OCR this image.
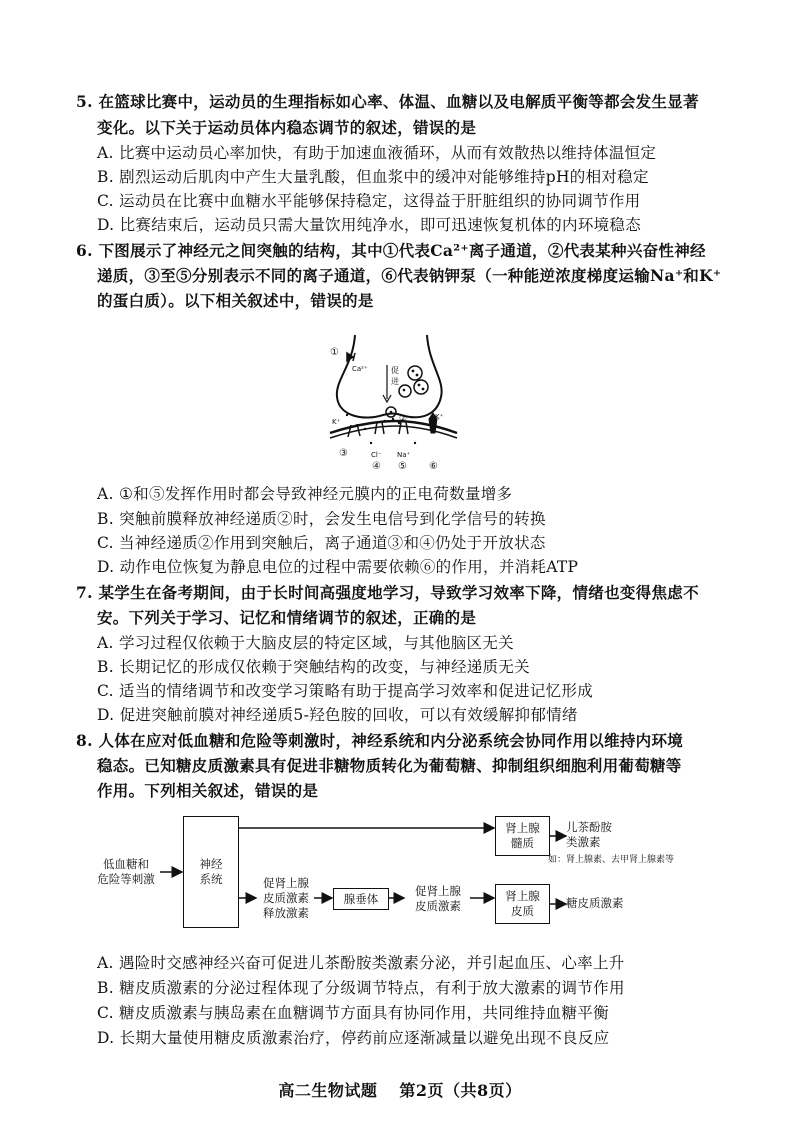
5. 在篮球比赛中，运动员的生理指标如心率、体温、血糖以及电解质平衡等都会发生显著
变化。以下关于运动员体内稳态调节的叙述，错误的是
A. 比赛中运动员心率加快，有助于加速血液循环，从而有效散热以维持体温恒定
B. 剧烈运动后肌肉中产生大量乳酸，但血浆中的缓冲对能够维持pH的相对稳定
C. 运动员在比赛中血糖水平能够保持稳定，这得益于肝脏组织的协同调节作用
D. 比赛结束后，运动员只需大量饮用纯净水，即可迅速恢复机体的内环境稳态
6. 下图展示了神经元之间突触的结构，其中①代表Ca²⁺离子通道，②代表某种兴奋性神经
递质，③至⑤分别表示不同的离子通道，⑥代表钠钾泵（一种能逆浓度梯度运输Na⁺和K⁺
的蛋白质）。以下相关叙述中，错误的是
①
Ca²⁺	促
进
②
K⁺
K⁺
③	Cl⁻ Na⁺
④ ⑤ ⑥
A. ①和⑤发挥作用时都会导致神经元膜内的正电荷数量增多
B. 突触前膜释放神经递质②时，会发生电信号到化学信号的转换
C. 当神经递质②作用到突触后，离子通道③和④仍处于开放状态
D. 动作电位恢复为静息电位的过程中需要依赖⑥的作用，并消耗ATP
7. 某学生在备考期间，由于长时间高强度地学习，导致学习效率下降，情绪也变得焦虑不
安。下列关于学习、记忆和情绪调节的叙述，正确的是
A. 学习过程仅依赖于大脑皮层的特定区域，与其他脑区无关
B. 长期记忆的形成仅依赖于突触结构的改变，与神经递质无关
C. 适当的情绪调节和改变学习策略有助于提高学习效率和促进记忆形成
D. 促进突触前膜对神经递质5-羟色胺的回收，可以有效缓解抑郁情绪
8. 人体在应对低血糖和危险等刺激时，神经系统和内分泌系统会协同作用以维持内环境
稳态。已知糖皮质激素具有促进非糖物质转化为葡萄糖、抑制组织细胞利用葡萄糖等
作用。下列相关叙述，错误的是
低血糖和
危险等刺激
神经
系统	促肾上腺
皮质激素
释放激素
腺垂体
促肾上腺
皮质激素
肾上腺
髓质
儿茶酚胺
类激素
如：肾上腺素、去甲肾上腺素等
肾上腺
皮质
糖皮质激素
A. 遇险时交感神经兴奋可促进儿茶酚胺类激素分泌，并引起血压、心率上升
B. 糖皮质激素的分泌过程体现了分级调节特点，有利于放大激素的调节作用
C. 糖皮质激素与胰岛素在血糖调节方面具有协同作用，共同维持血糖平衡
D. 长期大量使用糖皮质激素治疗，停药前应逐渐减量以避免出现不良反应
高二生物试题 第2页（共8页）
